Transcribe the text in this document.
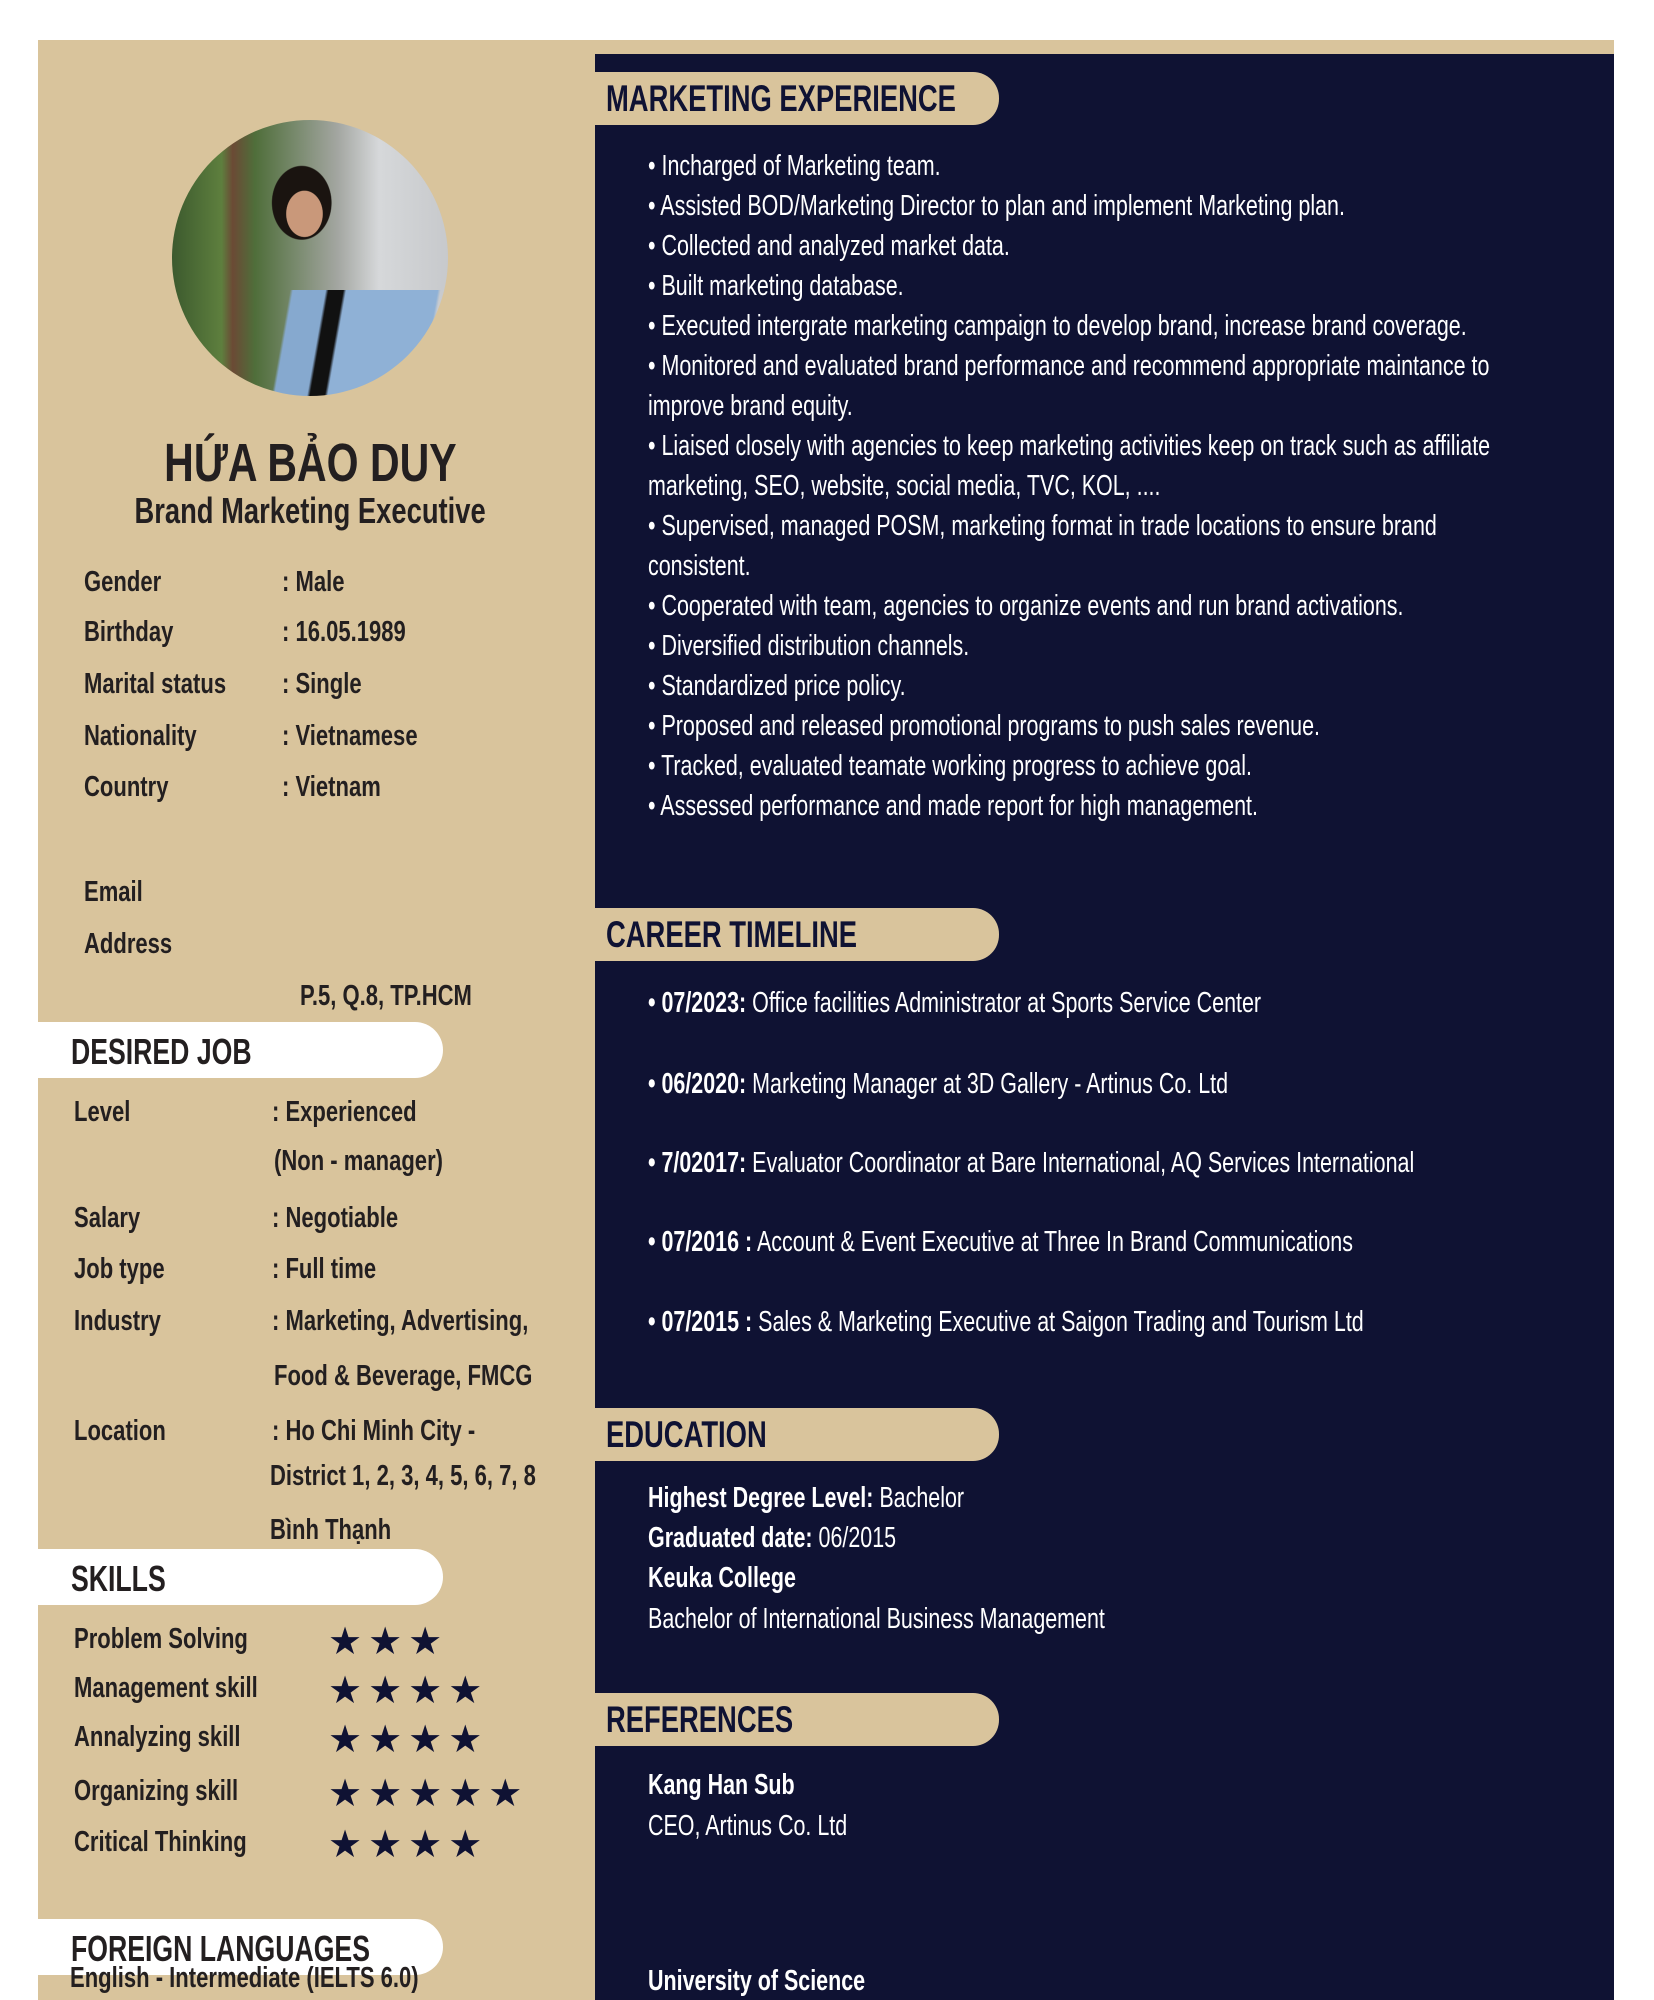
HỨA BẢO DUY
Brand Marketing Executive
Gender	: Male
Birthday	: 16.05.1989
Marital status	: Single
Nationality	: Vietnamese
Country	: Vietnam
Email
Address
P.5, Q.8, TP.HCM
DESIRED JOB
Level	: Experienced
(Non - manager)
Salary	: Negotiable
Job type	: Full time
Industry	: Marketing, Advertising,
Food & Beverage, FMCG
Location	: Ho Chi Minh City -
District 1, 2, 3, 4, 5, 6, 7, 8
Bình Thạnh
SKILLS
Problem Solving	★★★
Management skill	★★★★
Annalyzing skill	★★★★
Organizing skill	★★★★★
Critical Thinking	★★★★
FOREIGN LANGUAGES
English - Intermediate (IELTS 6.0)
MARKETING EXPERIENCE
• Incharged of Marketing team.
• Assisted BOD/Marketing Director to plan and implement Marketing plan.
• Collected and analyzed market data.
• Built marketing database.
• Executed intergrate marketing campaign to develop brand, increase brand coverage.
• Monitored and evaluated brand performance and recommend appropriate maintance to
improve brand equity.
• Liaised closely with agencies to keep marketing activities keep on track such as affiliate
marketing, SEO, website, social media, TVC, KOL, ....
• Supervised, managed POSM, marketing format in trade locations to ensure brand
consistent.
• Cooperated with team, agencies to organize events and run brand activations.
• Diversified distribution channels.
• Standardized price policy.
• Proposed and released promotional programs to push sales revenue.
• Tracked, evaluated teamate working progress to achieve goal.
• Assessed performance and made report for high management.
CAREER TIMELINE
• 07/2023: Office facilities Administrator at Sports Service Center
• 06/2020: Marketing Manager at 3D Gallery - Artinus Co. Ltd
• 7/02017: Evaluator Coordinator at Bare International, AQ Services International
• 07/2016 : Account & Event Executive at Three In Brand Communications
• 07/2015 : Sales & Marketing Executive at Saigon Trading and Tourism Ltd
EDUCATION
Highest Degree Level: Bachelor
Graduated date: 06/2015
Keuka College
Bachelor of International Business Management
REFERENCES
Kang Han Sub
CEO, Artinus Co. Ltd
University of Science
